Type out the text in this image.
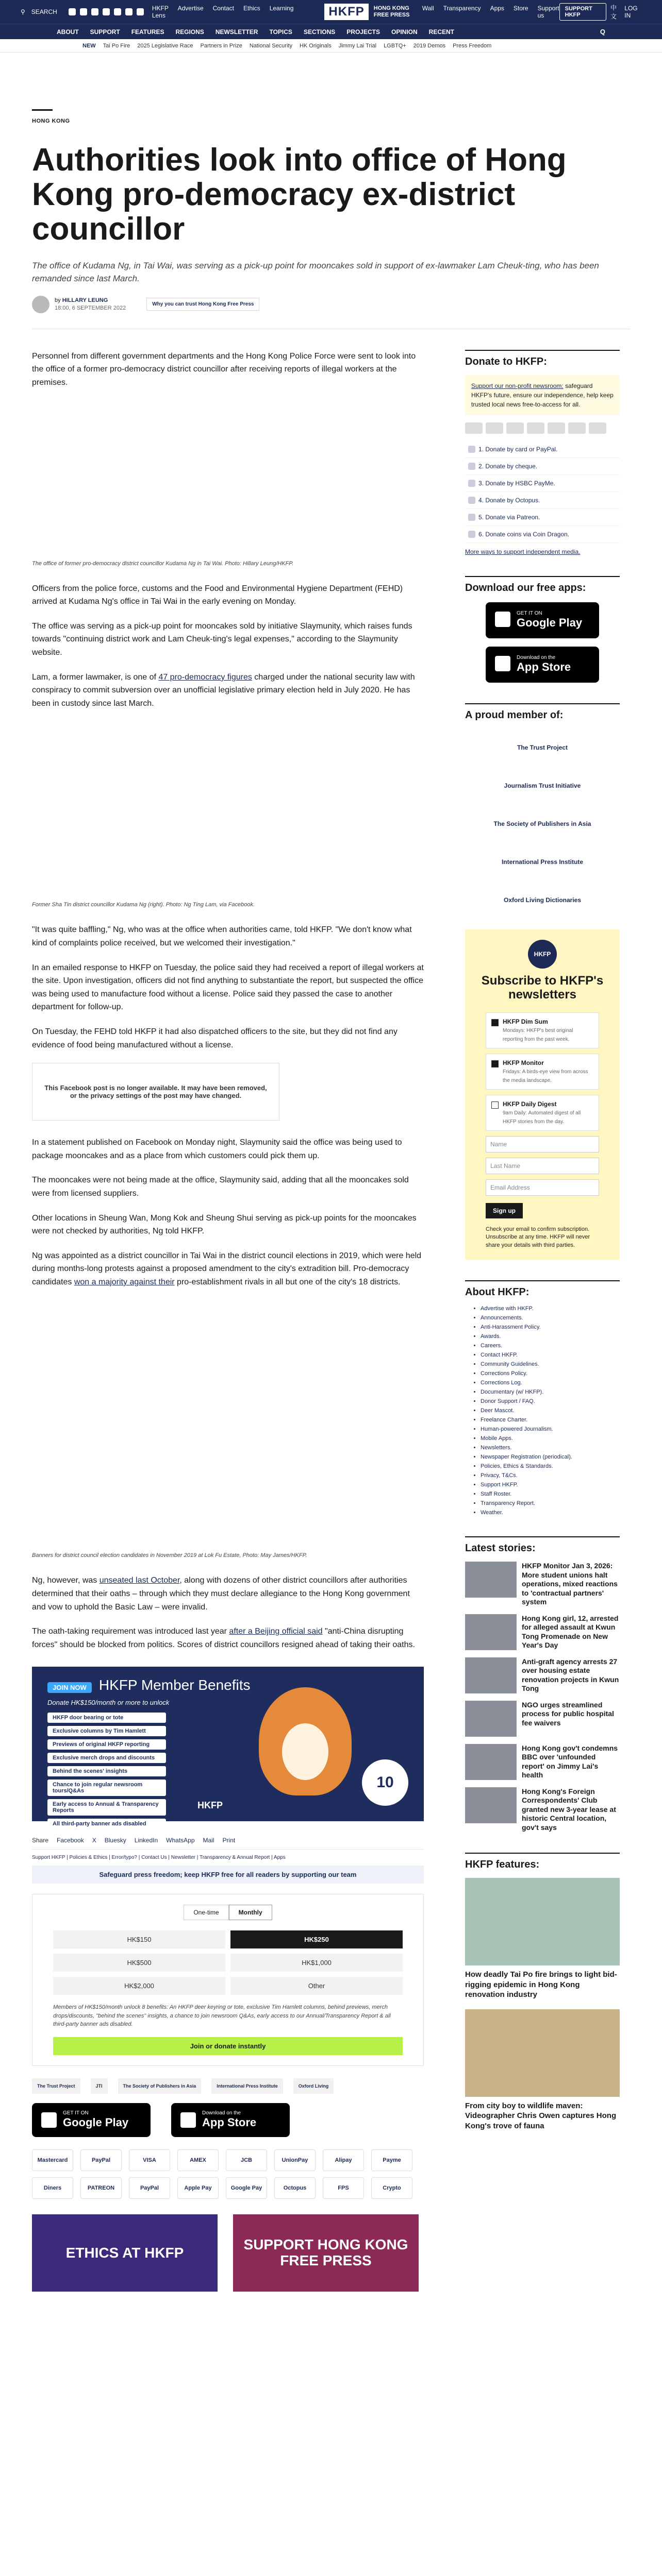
⚲ SEARCH	HKFP Lens
Advertise Contact Ethics Learning	HKFP	HONG KONG FREE PRESS
Wall Transparency Apps Store Support us
SUPPORT HKFP
中文
LOG IN
ABOUT SUPPORT FEATURES REGIONS NEWSLETTER TOPICS SECTIONS PROJECTS OPINION RECENT	Q
NEW Tai Po Fire 2025 Legislative Race Partners in Prize National Security HK Originals Jimmy Lai Trial LGBTQ+ 2019 Demos Press Freedom
HONG KONG
Authorities look into office of Hong Kong pro-democracy ex-district councillor

The office of Kudama Ng, in Tai Wai, was serving as a pick-up point for mooncakes sold in support of ex-lawmaker Lam Cheuk-ting, who has been remanded since last March.

by HILLARY LEUNG
18:00, 6 SEPTEMBER 2022
Why you can trust Hong Kong Free Press

Personnel from different government departments and the Hong Kong Police Force were sent to look into the office of a former pro-democracy district councillor after receiving reports of illegal workers at the premises.

The office of former pro-democracy district councillor Kudama Ng in Tai Wai. Photo: Hillary Leung/HKFP.

Officers from the police force, customs and the Food and Environmental Hygiene Department (FEHD) arrived at Kudama Ng's office in Tai Wai in the early evening on Monday.

The office was serving as a pick-up point for mooncakes sold by initiative Slaymunity, which raises funds towards "continuing district work and Lam Cheuk-ting's legal expenses," according to the Slaymunity website.

Lam, a former lawmaker, is one of 47 pro-democracy figures charged under the national security law with conspiracy to commit subversion over an unofficial legislative primary election held in July 2020. He has been in custody since last March.

Former Sha Tin district councillor Kudama Ng (right). Photo: Ng Ting Lam, via Facebook.

"It was quite baffling," Ng, who was at the office when authorities came, told HKFP. "We don't know what kind of complaints police received, but we welcomed their investigation."

In an emailed response to HKFP on Tuesday, the police said they had received a report of illegal workers at the site. Upon investigation, officers did not find anything to substantiate the report, but suspected the office was being used to manufacture food without a license. Police said they passed the case to another department for follow-up.

On Tuesday, the FEHD told HKFP it had also dispatched officers to the site, but they did not find any evidence of food being manufactured without a license.

This Facebook post is no longer available. It may have been removed, or the privacy settings of the post may have changed.

In a statement published on Facebook on Monday night, Slaymunity said the office was being used to package mooncakes and as a place from which customers could pick them up.

The mooncakes were not being made at the office, Slaymunity said, adding that all the mooncakes sold were from licensed suppliers.

Other locations in Sheung Wan, Mong Kok and Sheung Shui serving as pick-up points for the mooncakes were not checked by authorities, Ng told HKFP.

Ng was appointed as a district councillor in Tai Wai in the district council elections in 2019, which were held during months-long protests against a proposed amendment to the city's extradition bill. Pro-democracy candidates won a majority against their pro-establishment rivals in all but one of the city's 18 districts.

Banners for district council election candidates in November 2019 at Lok Fu Estate, Photo: May James/HKFP.

Ng, however, was unseated last October, along with dozens of other district councillors after authorities determined that their oaths – through which they must declare allegiance to the Hong Kong government and vow to uphold the Basic Law – were invalid.

The oath-taking requirement was introduced last year after a Beijing official said "anti-China disrupting forces" should be blocked from politics. Scores of district councillors resigned ahead of taking their oaths.

JOIN NOW HKFP Member Benefits
Donate HK$150/month or more to unlock
HKFP door bearing or tote
Exclusive columns by Tim Hamlett
Previews of original HKFP reporting
Exclusive merch drops and discounts
Behind the scenes' insights
Chance to join regular newsroom tours/Q&As
Early access to Annual & Transparency Reports
All third-party banner ads disabled
HKFP
10
Share Facebook X Bluesky LinkedIn WhatsApp Mail Print
Support HKFP | Policies & Ethics | Error/typo? | Contact Us | Newsletter | Transparency & Annual Report | Apps
Safeguard press freedom; keep HKFP free for all readers by supporting our team
One-time	Monthly
HK$150	HK$250
HK$500	HK$1,000
HK$2,000	Other
Members of HK$150/month unlock 8 benefits: An HKFP deer keyring or tote, exclusive Tim Hamlett columns, behind previews, merch drops/discounts, "behind the scenes" insights, a chance to join newsroom Q&As, early access to our Annual/Transparency Report & all third-party banner ads disabled.
Join or donate instantly
The Trust Project	JTI	The Society of Publishers in Asia	International Press Institute	Oxford Living
GET IT ON
Google Play
Download on the
App Store
Mastercard	PayPal	VISA	AMEX	JCB	UnionPay	Alipay	Payme
Diners	PATREON	PayPal	Apple Pay	Google Pay	Octopus	FPS	Crypto
ETHICS AT HKFP	SUPPORT HONG KONG FREE PRESS
Donate to HKFP:
Support our non-profit newsroom: safeguard HKFP's future, ensure our independence, help keep trusted local news free-to-access for all.
1. Donate by card or PayPal.
2. Donate by cheque.
3. Donate by HSBC PayMe.
4. Donate by Octopus.
5. Donate via Patreon.
6. Donate coins via Coin Dragon.
More ways to support independent media.
Download our free apps:
GET IT ON
Google Play
Download on the
App Store
A proud member of:
The Trust Project
Journalism Trust Initiative
The Society of Publishers in Asia
International Press Institute
Oxford Living Dictionaries
HKFP
Subscribe to HKFP's newsletters
HKFP Dim Sum
Mondays: HKFP's best original reporting from the past week.
HKFP Monitor
Fridays: A birds-eye view from across the media landscape.
HKFP Daily Digest
9am Daily: Automated digest of all HKFP stories from the day.
Name
Last Name
Email Address
Sign up

Check your email to confirm subscription. Unsubscribe at any time. HKFP will never share your details with third parties.

About HKFP:
• Advertise with HKFP.
• Announcements.
• Anti-Harassment Policy.
• Awards.
• Careers.
• Contact HKFP.
• Community Guidelines.
• Corrections Policy.
• Corrections Log.
• Documentary (w/ HKFP).
• Donor Support / FAQ.
• Deer Mascot.
• Freelance Charter.
• Human-powered Journalism.
• Mobile Apps.
• Newsletters.
• Newspaper Registration (periodical).
• Policies, Ethics & Standards.
• Privacy, T&Cs.
• Support HKFP.
• Staff Roster.
• Transparency Report.
• Weather.
Latest stories:
HKFP Monitor Jan 3, 2026: More student unions halt operations, mixed reactions to 'contractual partners' system
Hong Kong girl, 12, arrested for alleged assault at Kwun Tong Promenade on New Year's Day
Anti-graft agency arrests 27 over housing estate renovation projects in Kwun Tong
NGO urges streamlined process for public hospital fee waivers
Hong Kong gov't condemns BBC over 'unfounded report' on Jimmy Lai's health
Hong Kong's Foreign Correspondents' Club granted new 3-year lease at historic Central location, gov't says
HKFP features:
How deadly Tai Po fire brings to light bid-rigging epidemic in Hong Kong renovation industry
From city boy to wildlife maven: Videographer Chris Owen captures Hong Kong's trove of fauna
